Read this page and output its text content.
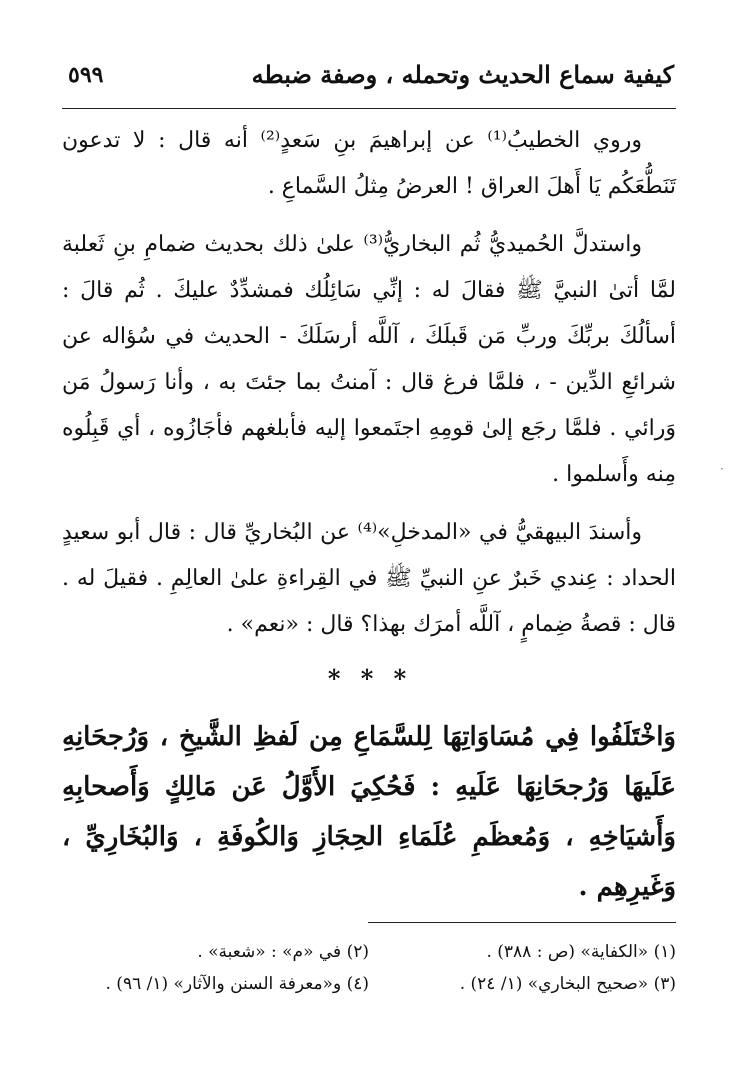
كيفية سماع الحديث وتحمله ، وصفة ضبطه
٥٩٩

وروي الخطيبُ⁽¹⁾ عن إبراهيمَ بنِ سَعدٍ⁽²⁾ أنه قال : لا تدعون تَنَطُّعَكُم يَا أَهلَ العراق ! العرضُ مِثلُ السَّماعِ .

واستدلَّ الحُميديُّ ثُم البخاريُّ⁽³⁾ علىٰ ذلك بحديث ضمامِ بنِ ثَعلبة لمَّا أتىٰ النبيَّ ﷺ فقالَ له : إنِّي سَائِلُك فمشدِّدٌ عليكَ . ثُم قالَ : أسألُكَ بربِّكَ وربِّ مَن قَبلَكَ ، آللَّه أرسَلَكَ - الحديث في سُؤاله عن شرائعِ الدِّين - ، فلمَّا فرغ قال : آمنتُ بما جئتَ به ، وأنا رَسولُ مَن وَرائي . فلمَّا رجَع إلىٰ قومِهِ اجتَمعوا إليه فأبلغهم فأجَازُوه ، أي قَبِلُوه مِنه وأَسلموا .

وأسندَ البيهقيُّ في «المدخلِ»⁽⁴⁾ عن البُخاريِّ قال : قال أبو سعيدٍ الحداد : عِندي خَبرٌ عنِ النبيِّ ﷺ في القِراءةِ علىٰ العالِمِ . فقيلَ له . قال : قصةُ ضِمامٍ ، آللَّه أمرَك بهذا؟ قال : «نعم» .

* * *

وَاخْتَلَفُوا فِي مُسَاوَاتِهَا لِلسَّمَاعِ مِن لَفظِ الشَّيخِ ، وَرُجحَانِهِ عَلَيهَا وَرُجحَانِهَا عَلَيهِ : فَحُكِيَ الأَوَّلُ عَن مَالِكٍ وَأَصحابِهِ وَأَشيَاخِهِ ، وَمُعظَمِ عُلَمَاءِ الحِجَازِ وَالكُوفَةِ ، وَالبُخَارِيِّ ، وَغَيرِهِم .

(١) «الكفاية» (ص : ٣٨٨) .
(٢) في «م» : «شعبة» .
(٣) «صحيح البخاري» (١/ ٢٤) .
(٤) و«معرفة السنن والآثار» (١/ ٩٦) .
·
